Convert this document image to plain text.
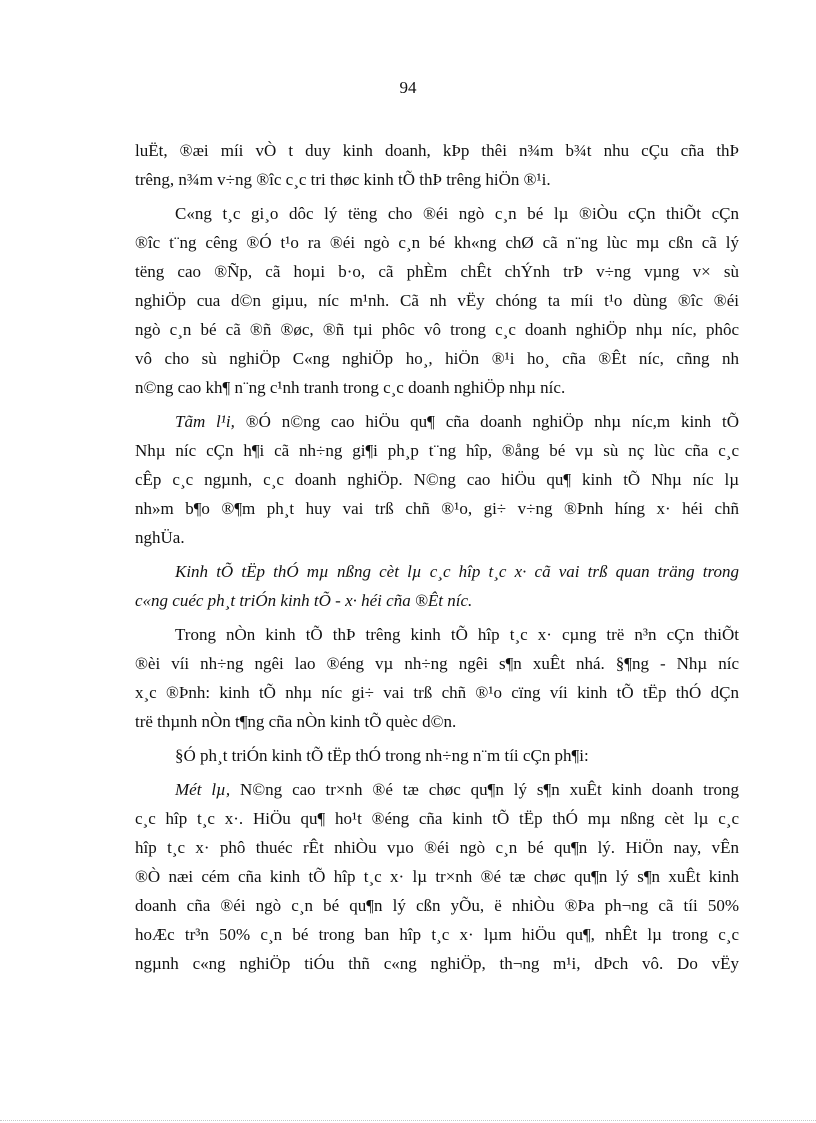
94
luËt, ®æi míi vÒ t duy kinh doanh, kÞp thêi n¾m b¾t nhu cÇu cña thÞ
trêng, n¾m v÷ng ®îc c¸c tri thøc kinh tÕ thÞ trêng hiÖn ®¹i.
C«ng t¸c gi¸o dôc lý tëng cho ®éi ngò c¸n bé lµ ®iÒu cÇn thiÕt cÇn
®îc t¨ng cêng ®Ó t¹o ra ®éi ngò c¸n bé kh«ng chØ cã n¨ng lùc mµ cßn cã lý
tëng cao ®Ñp, cã hoµi b·o, cã phÈm chÊt chÝnh trÞ v÷ng vµng v× sù
nghiÖp cua d©n giµu, níc m¹nh. Cã nh vËy chóng ta míi t¹o dùng ®îc ®éi
ngò c¸n bé cã ®ñ ®øc, ®ñ tµi phôc vô trong c¸c doanh nghiÖp nhµ níc, phôc
vô cho sù nghiÖp C«ng nghiÖp ho¸, hiÖn ®¹i ho¸ cña ®Êt níc, cñng nh
n©ng cao kh¶ n¨ng c¹nh tranh trong c¸c doanh nghiÖp nhµ níc.
Tãm l¹i, ®Ó n©ng cao hiÖu qu¶ cña doanh nghiÖp nhµ níc,m kinh tÕ
Nhµ níc cÇn h¶i cã nh÷ng gi¶i ph¸p t¨ng hîp, ®ång bé vµ sù nç lùc cña c¸c
cÊp c¸c ngµnh, c¸c doanh nghiÖp. N©ng cao hiÖu qu¶ kinh tÕ Nhµ níc lµ
nh»m b¶o ®¶m ph¸t huy vai trß chñ ®¹o, gi÷ v÷ng ®Þnh híng x· héi chñ
nghÜa.
Kinh tÕ tËp thÓ mµ nßng cèt lµ c¸c hîp t¸c x· cã vai trß quan träng trong
c«ng cuéc ph¸t triÓn kinh tÕ - x· héi cña ®Êt níc.
Trong nÒn kinh tÕ thÞ trêng kinh tÕ hîp t¸c x· cµng trë n³n cÇn thiÕt
®èi víi nh÷ng ngêi lao ®éng vµ nh÷ng ngêi s¶n xuÊt nhá. §¶ng - Nhµ níc
x¸c ®Þnh: kinh tÕ nhµ níc gi÷ vai trß chñ ®¹o cïng víi kinh tÕ tËp thÓ dÇn
trë thµnh nÒn t¶ng cña nÒn kinh tÕ quèc d©n.
§Ó ph¸t triÓn kinh tÕ tËp thÓ trong nh÷ng n¨m tíi cÇn ph¶i:
Mét lµ, N©ng cao tr×nh ®é tæ chøc qu¶n lý s¶n xuÊt kinh doanh trong
c¸c hîp t¸c x·. HiÖu qu¶ ho¹t ®éng cña kinh tÕ tËp thÓ mµ nßng cèt lµ c¸c
hîp t¸c x· phô thuéc rÊt nhiÒu vµo ®éi ngò c¸n bé qu¶n lý. HiÖn nay, vÊn
®Ò næi cém cña kinh tÕ hîp t¸c x· lµ tr×nh ®é tæ chøc qu¶n lý s¶n xuÊt kinh
doanh cña ®éi ngò c¸n bé qu¶n lý cßn yÕu, ë nhiÒu ®Þa ph¬ng cã tíi 50%
hoÆc tr³n 50% c¸n bé trong ban hîp t¸c x· lµm hiÖu qu¶, nhÊt lµ trong c¸c
ngµnh c«ng nghiÖp tiÓu thñ c«ng nghiÖp, th¬ng m¹i, dÞch vô. Do vËy
